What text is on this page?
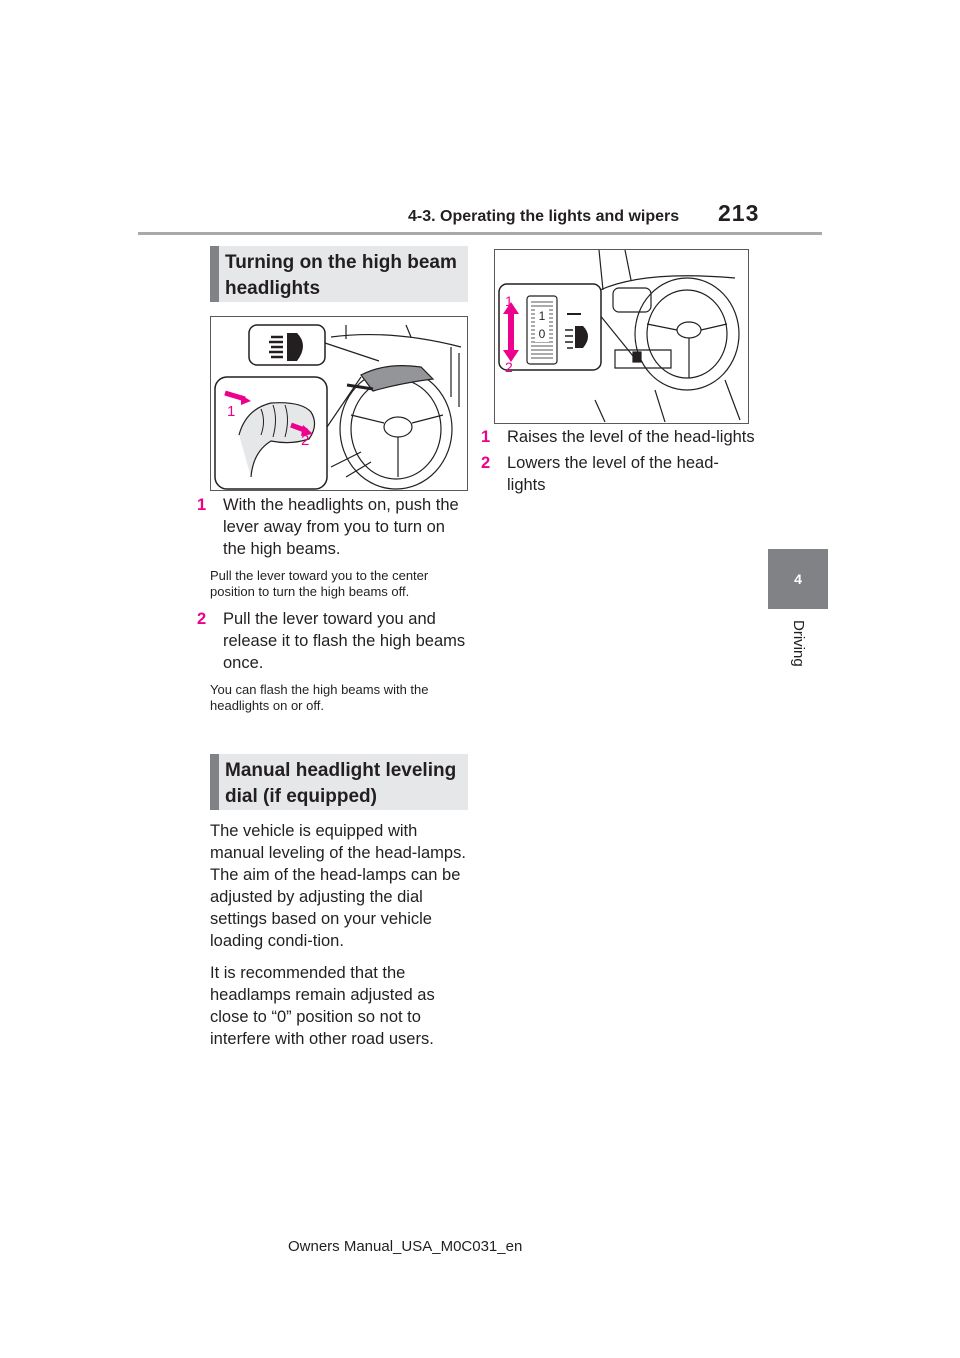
4-3. Operating the lights and wipers 213
4
Driving
Turning on the high beam headlights
1
2
1 With the headlights on, push the lever away from you to turn on the high beams.
Pull the lever toward you to the center position to turn the high beams off.
2 Pull the lever toward you and release it to flash the high beams once.
You can flash the high beams with the headlights on or off.
Manual headlight leveling dial (if equipped)
The vehicle is equipped with manual leveling of the head-lamps. The aim of the head-lamps can be adjusted by adjusting the dial settings based on your vehicle loading condi-tion.
It is recommended that the headlamps remain adjusted as close to “0” position so not to interfere with other road users.
1
0
1
2
1 Raises the level of the head-lights
2 Lowers the level of the head-lights
Owners Manual_USA_M0C031_en
